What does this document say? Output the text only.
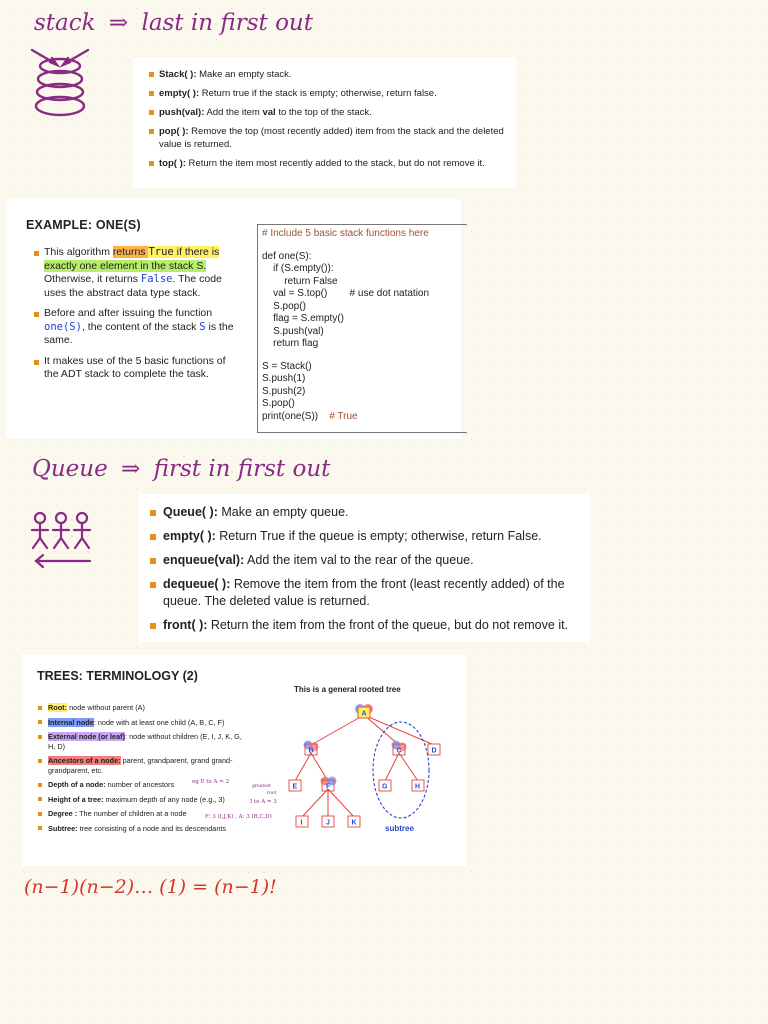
stack ⇒ last in first out
Stack( ): Make an empty stack.
empty( ): Return true if the stack is empty; otherwise, return false.
push(val): Add the item val to the top of the stack.
pop( ): Remove the top (most recently added) item from the stack and the deleted value is returned.
top( ): Return the item most recently added to the stack, but do not remove it.
EXAMPLE: ONE(S)
This algorithm returns True if there is exactly one element in the stack S. Otherwise, it returns False. The code uses the abstract data type stack.
Before and after issuing the function one(S), the content of the stack S is the same.
It makes use of the 5 basic functions of the ADT stack to complete the task.
# Include 5 basic stack functions here
def one(S):
if (S.empty()):
return False
val = S.top() # use dot natation
S.pop()
flag = S.empty()
S.push(val)
return flag
S = Stack()
S.push(1)
S.push(2)
S.pop()
print(one(S)) # True
Queue ⇒ first in first out
Queue( ): Make an empty queue.
empty( ): Return True if the queue is empty; otherwise, return False.
enqueue(val): Add the item val to the rear of the queue.
dequeue( ): Remove the item from the front (least recently added) of the queue. The deleted value is returned.
front( ): Return the item from the front of the queue, but do not remove it.
TREES: TERMINOLOGY (2)
Root: node without parent (A)
Internal node: node with at least one child (A, B, C, F)
External node (or leaf): node without children (E, I, J, K, G, H, D)
Ancestors of a node: parent, grandparent, grand grand-grandparent, etc.
Depth of a node: number of ancestors
Height of a tree: maximum depth of any node (e.g., 3)
Degree : The number of children at a node
Subtree: tree consisting of a node and its descendants
eg E to A = 2
greatest
root
I to A = 3
F: 3 (I,J,K) , A: 3 (B,C,D)
This is a general rooted tree
subtree
A
B	C	D
E	F	G	H
I	J	K
(n−1)(n−2)… (1) = (n−1)!
